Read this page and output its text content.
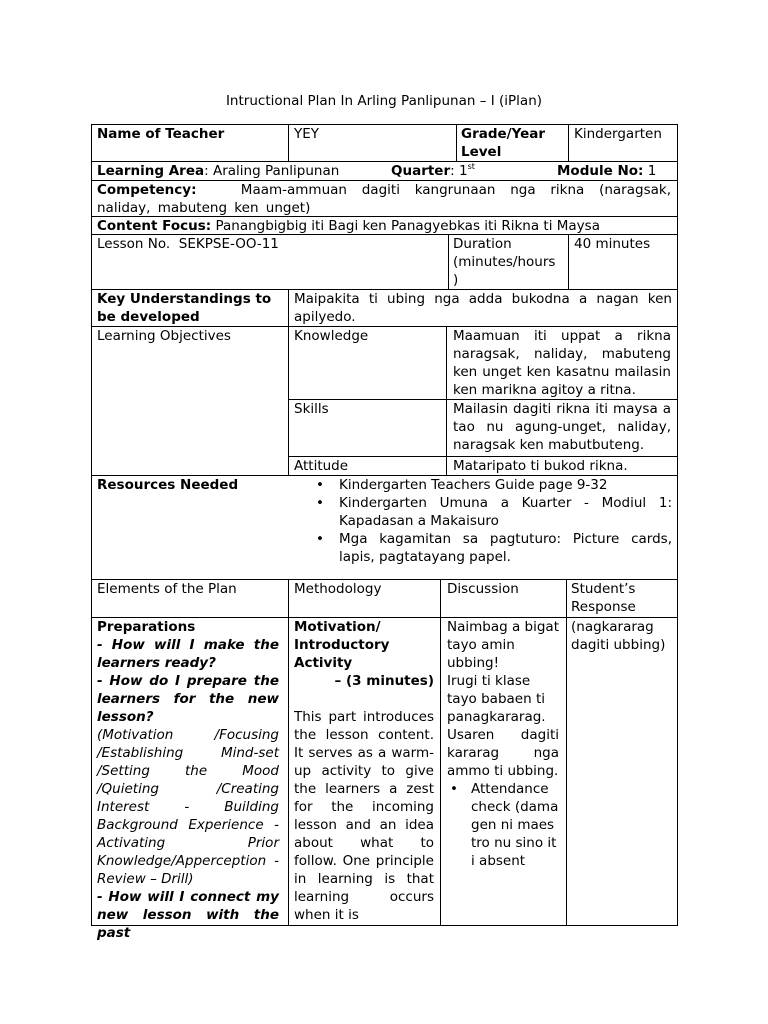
Intructional Plan In Arling Panlipunan – I (iPlan)
Name of Teacher	YEY	Grade/Year Level
Kindergarten
Learning Area: Araling Panlipunan	Quarter: 1st	Module No: 1
Competency:	Maam-ammuan dagiti kangrunaan nga rikna (naragsak, naliday, mabuteng ken unget)
Content Focus: Panangbigbig iti Bagi ken Panagyebkas iti Rikna ti Maysa
Lesson No. SEKPSE-OO-11	Duration (minutes/hours )
40 minutes
Key Understandings to be developed
Maipakita ti ubing nga adda bukodna a nagan ken apilyedo.
Learning Objectives	Knowledge	Maamuan iti uppat a rikna naragsak, naliday, mabuteng ken unget ken kasatnu mailasin ken marikna agitoy a ritna.
Skills	Mailasin dagiti rikna iti maysa a tao nu agung-unget, naliday, naragsak ken mabutbuteng.
Attitude	Mataripato ti bukod rikna.
Resources Needed
•	Kindergarten Teachers Guide page 9-32
• Kindergarten Umuna a Kuarter - Modiul 1: Kapadasan a Makaisuro
• Mga kagamitan sa pagtuturo: Picture cards, lapis, pagtatayang papel.
Elements of the Plan	Methodology	Discussion	Student’s Response
Preparations
- How will I make the learners ready?
- How do I prepare the learners for the new lesson?
(Motivation /Focusing /Establishing Mind-set /Setting the Mood /Quieting /Creating Interest - Building Background Experience - Activating Prior Knowledge/Apperception - Review – Drill)
- How will I connect my new lesson with the past
Motivation/ Introductory Activity
– (3 minutes)
This part introduces the lesson content. It serves as a warm-up activity to give the learners a zest for the incoming lesson and an idea about what to follow. One principle in learning is that learning occurs when it is
Naimbag a bigat tayo amin ubbing!
Irugi ti klase tayo babaen ti panagkararag.
Usaren dagiti kararag nga ammo ti ubbing.
• Attendance check (damagen ni maestro nu sino iti absent
(nagkararag dagiti ubbing)
